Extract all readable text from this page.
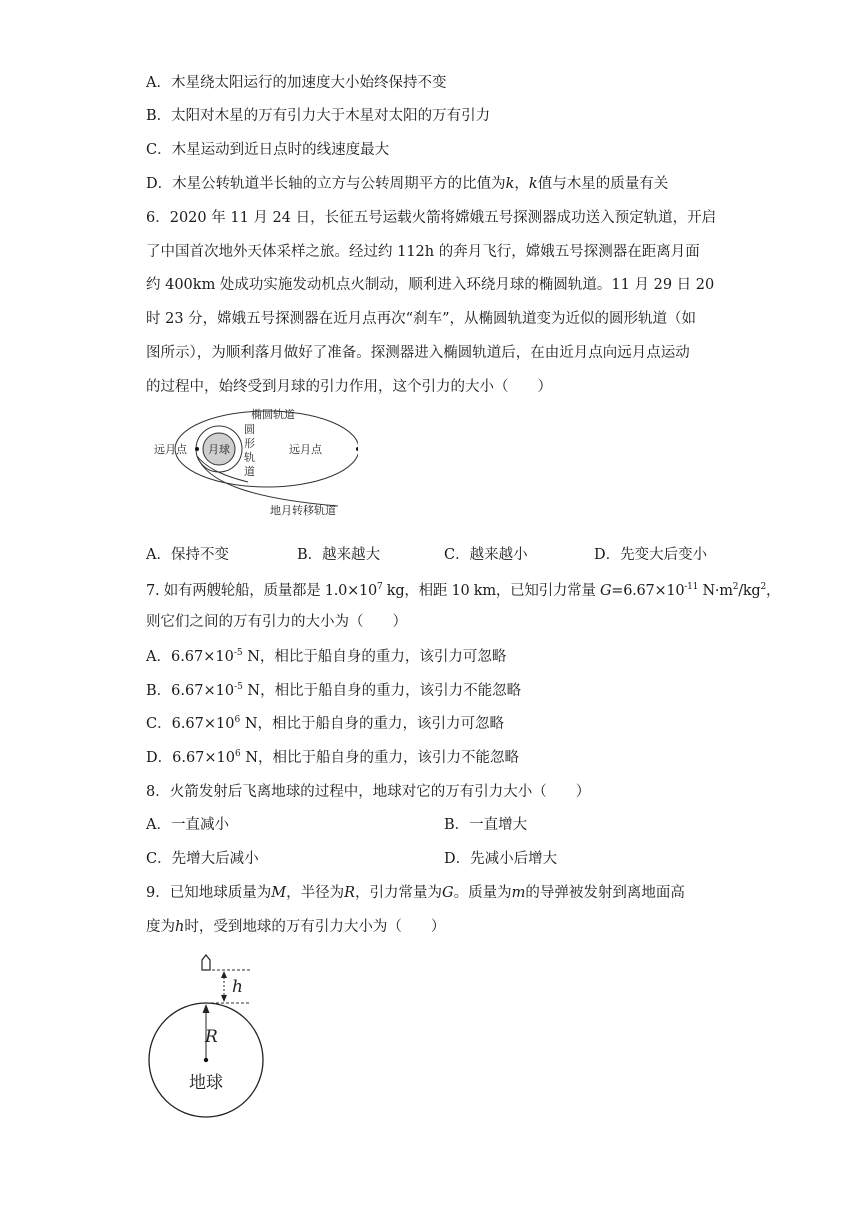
A．木星绕太阳运行的加速度大小始终保持不变
B．太阳对木星的万有引力大于木星对太阳的万有引力
C．木星运动到近日点时的线速度最大
D．木星公转轨道半长轴的立方与公转周期平方的比值为k，k值与木星的质量有关
6．2020 年 11 月 24 日，长征五号运载火箭将嫦娥五号探测器成功送入预定轨道，开启
了中国首次地外天体采样之旅。经过约 112h 的奔月飞行，嫦娥五号探测器在距离月面
约 400km 处成功实施发动机点火制动，顺利进入环绕月球的椭圆轨道。11 月 29 日 20
时 23 分，嫦娥五号探测器在近月点再次“刹车”，从椭圆轨道变为近似的圆形轨道（如
图所示），为顺利落月做好了准备。探测器进入椭圆轨道后，在由近月点向远月点运动
的过程中，始终受到月球的引力作用，这个引力的大小（　　）
月球
椭圆轨道
圆
形
轨
道
远月点	远月点
地月转移轨道
A．保持不变	B．越来越大	C．越来越小	D．先变大后变小
7. 如有两艘轮船，质量都是 $1.0\times 10^7$ kg，相距 10 km，已知引力常量 $G=6.67\times 10^{-11}$ $N\cdot m^2/kg^2$，
则它们之间的万有引力的大小为（　　）
A．$6.67\times 10^{-5}$ N，相比于船自身的重力，该引力可忽略
B．$6.67\times 10^{-5}$ N，相比于船自身的重力，该引力不能忽略
C．$6.67\times 10^6$ N，相比于船自身的重力，该引力可忽略
D．$6.67\times 10^6$ N，相比于船自身的重力，该引力不能忽略
8．火箭发射后飞离地球的过程中，地球对它的万有引力大小（　　）
A．一直减小	B．一直增大
C．先增大后减小	D．先减小后增大
9．已知地球质量为M，半径为R，引力常量为G。质量为m的导弹被发射到离地面高
度为h时，受到地球的万有引力大小为（　　）
h
R
地球
